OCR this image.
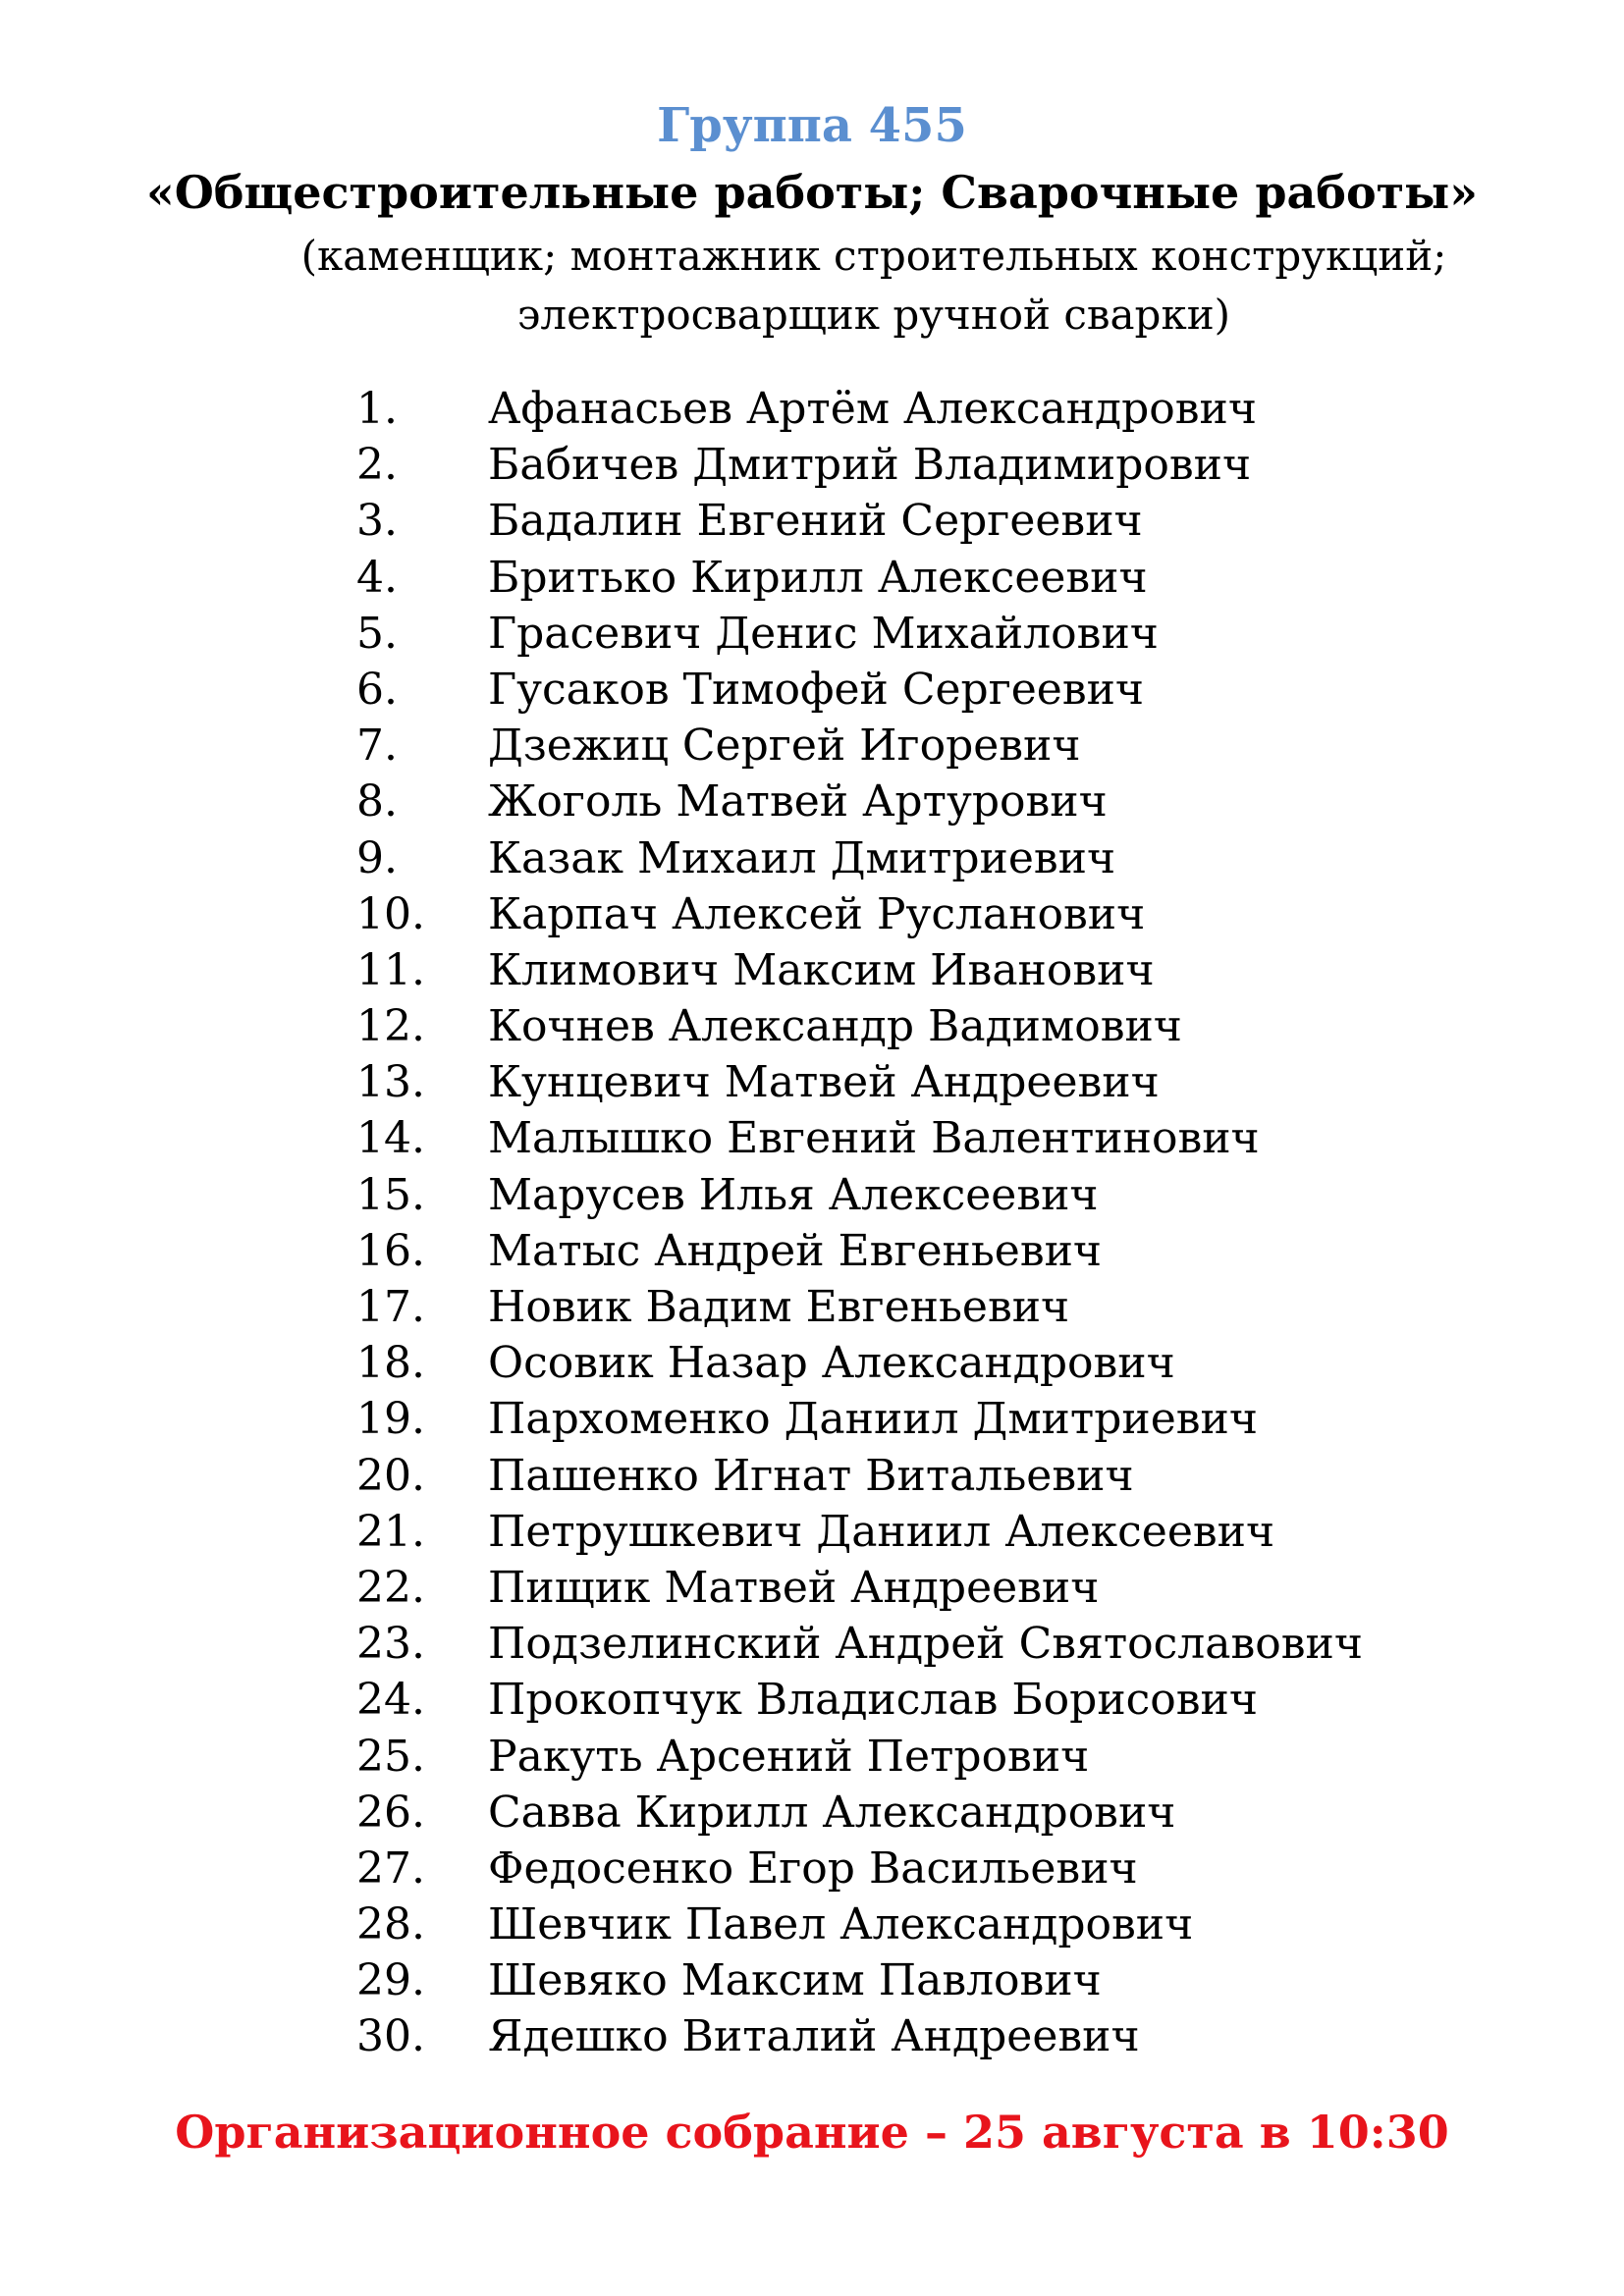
Группа 455
«Общестроительные работы; Сварочные работы»
(каменщик; монтажник строительных конструкций;
электросварщик ручной сварки)
1. Афанасьев Артём Александрович
2. Бабичев Дмитрий Владимирович
3. Бадалин Евгений Сергеевич
4. Бритько Кирилл Алексеевич
5. Грасевич Денис Михайлович
6. Гусаков Тимофей Сергеевич
7. Дзежиц Сергей Игоревич
8. Жоголь Матвей Артурович
9. Казак Михаил Дмитриевич
10. Карпач Алексей Русланович
11. Климович Максим Иванович
12. Кочнев Александр Вадимович
13. Кунцевич Матвей Андреевич
14. Малышко Евгений Валентинович
15. Марусев Илья Алексеевич
16. Матыс Андрей Евгеньевич
17. Новик Вадим Евгеньевич
18. Осовик Назар Александрович
19. Пархоменко Даниил Дмитриевич
20. Пашенко Игнат Витальевич
21. Петрушкевич Даниил Алексеевич
22. Пищик Матвей Андреевич
23. Подзелинский Андрей Святославович
24. Прокопчук Владислав Борисович
25. Ракуть Арсений Петрович
26. Савва Кирилл Александрович
27. Федосенко Егор Васильевич
28. Шевчик Павел Александрович
29. Шевяко Максим Павлович
30. Ядешко Виталий Андреевич
Организационное собрание – 25 августа в 10:30
